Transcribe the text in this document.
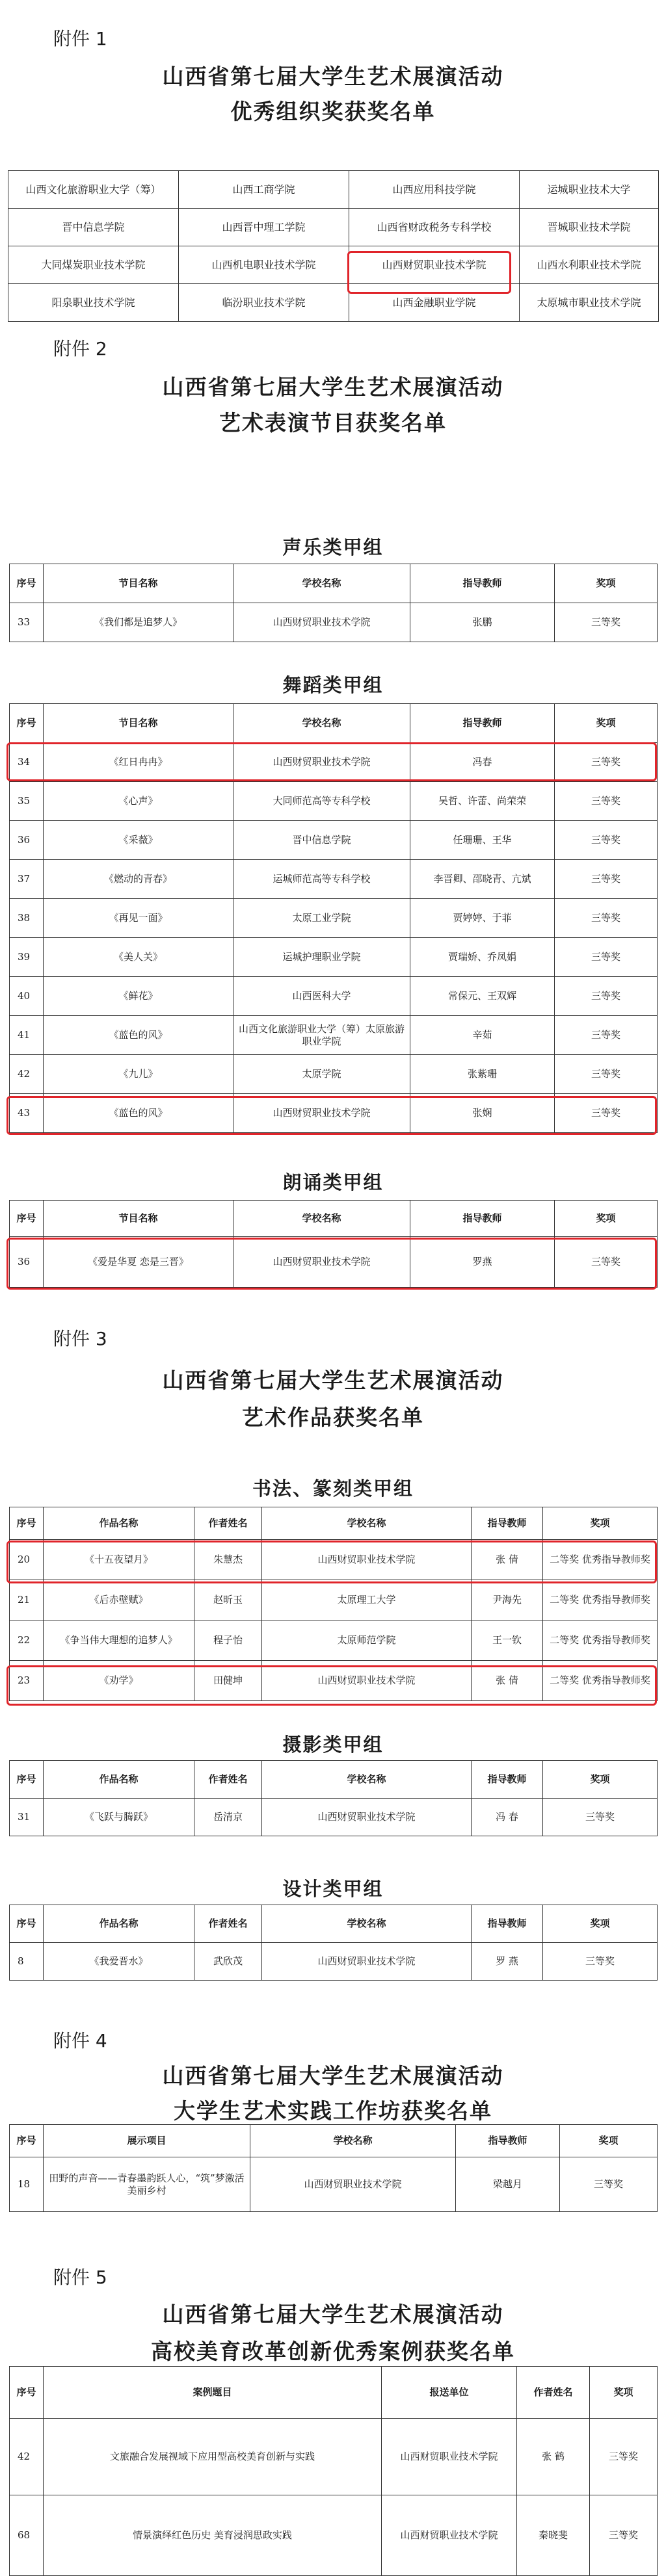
附件 1
山西省第七届大学生艺术展演活动
优秀组织奖获奖名单
山西文化旅游职业大学（筹）	山西工商学院	山西应用科技学院	运城职业技术大学
晋中信息学院	山西晋中理工学院	山西省财政税务专科学校	晋城职业技术学院
大同煤炭职业技术学院	山西机电职业技术学院	山西财贸职业技术学院	山西水利职业技术学院
阳泉职业技术学院	临汾职业技术学院	山西金融职业学院	太原城市职业技术学院
附件 2
山西省第七届大学生艺术展演活动
艺术表演节目获奖名单
声乐类甲组
序号	节目名称	学校名称	指导教师	奖项
33	《我们都是追梦人》	山西财贸职业技术学院	张鹏	三等奖
舞蹈类甲组
序号	节目名称	学校名称	指导教师	奖项
34	《红日冉冉》	山西财贸职业技术学院	冯春	三等奖
35	《心声》	大同师范高等专科学校	吴哲、许蕾、尚荣荣	三等奖
36	《采薇》	晋中信息学院	任珊珊、王华	三等奖
37	《燃动的青春》	运城师范高等专科学校	李晋卿、邵晓青、亢斌	三等奖
38	《再见一面》	太原工业学院	贾婷婷、于菲	三等奖
39	《美人关》	运城护理职业学院	贾瑞娇、乔凤娟	三等奖
40	《鲜花》	山西医科大学	常保元、王双辉	三等奖
41	《蓝色的风》	山西文化旅游职业大学（筹）太原旅游职业学院	辛茹	三等奖
42	《九儿》	太原学院	张紫珊	三等奖
43	《蓝色的风》	山西财贸职业技术学院	张娴	三等奖
朗诵类甲组
序号	节目名称	学校名称	指导教师	奖项
36	《爱是华夏 恋是三晋》	山西财贸职业技术学院	罗燕	三等奖
附件 3
山西省第七届大学生艺术展演活动
艺术作品获奖名单
书法、篆刻类甲组
序号	作品名称	作者姓名	学校名称	指导教师	奖项
20	《十五夜望月》	朱慧杰	山西财贸职业技术学院	张 倩	二等奖 优秀指导教师奖
21	《后赤壁赋》	赵昕玉	太原理工大学	尹海先	二等奖 优秀指导教师奖
22	《争当伟大理想的追梦人》	程子怡	太原师范学院	王一钦	二等奖 优秀指导教师奖
23	《劝学》	田健坤	山西财贸职业技术学院	张 倩	二等奖 优秀指导教师奖
摄影类甲组
序号	作品名称	作者姓名	学校名称	指导教师	奖项
31	《飞跃与腾跃》	岳清京	山西财贸职业技术学院	冯 春	三等奖
设计类甲组
序号	作品名称	作者姓名	学校名称	指导教师	奖项
8	《我爱晋水》	武欣茂	山西财贸职业技术学院	罗 燕	三等奖
附件 4
山西省第七届大学生艺术展演活动
大学生艺术实践工作坊获奖名单
序号	展示项目	学校名称	指导教师	奖项
18	田野的声音——青春墨韵跃人心，“筑”梦激活美丽乡村	山西财贸职业技术学院	梁越月	三等奖
附件 5
山西省第七届大学生艺术展演活动
高校美育改革创新优秀案例获奖名单
序号	案例题目	报送单位	作者姓名	奖项
42	文旅融合发展视域下应用型高校美育创新与实践	山西财贸职业技术学院	张 鹤	三等奖
68	情景演绎红色历史 美育浸润思政实践	山西财贸职业技术学院	秦晓斐	三等奖
